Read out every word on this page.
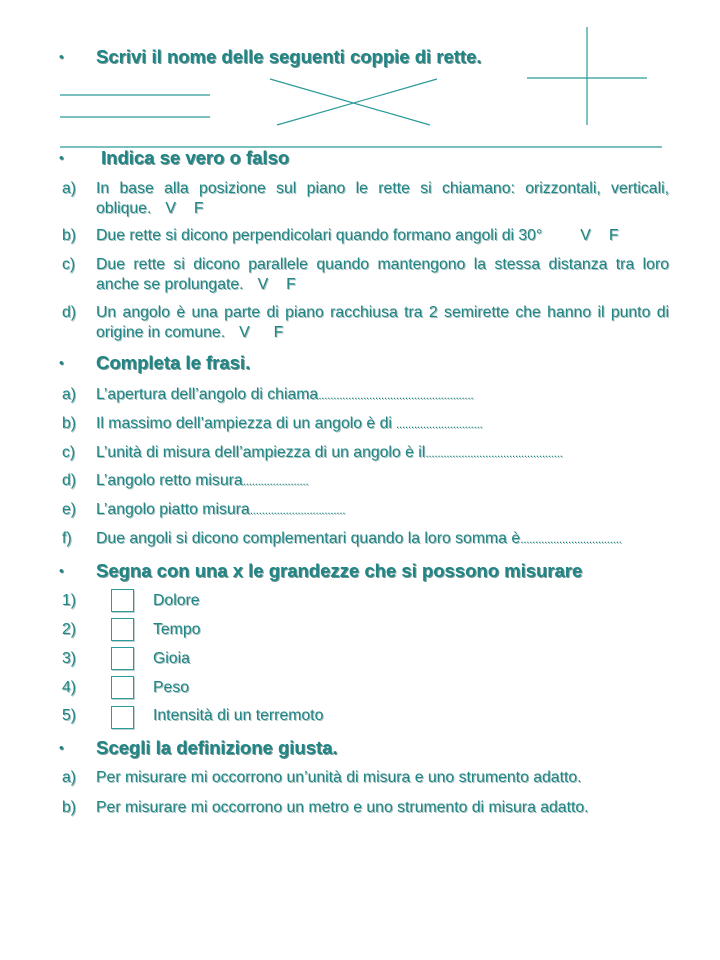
• Scrivi il nome delle seguenti coppie di rette.
• Indica se vero o falso
a) In base alla posizione sul piano le rette si chiamano: orizzontali, verticali,
oblique. V F
b) Due rette si dicono perpendicolari quando formano angoli di 30° V F
c) Due rette si dicono parallele quando mantengono la stessa distanza tra loro
anche se prolungate. V F
d) Un angolo è una parte di piano racchiusa tra 2 semirette che hanno il punto di
origine in comune. V F
• Completa le frasi.
a) L’apertura dell’angolo di chiama....................................................
b) Il massimo dell’ampiezza di un angolo è di .............................
c) L’unità di misura dell’ampiezza di un angolo è il..............................................
d) L’angolo retto misura......................
e) L’angolo piatto misura................................
f) Due angoli si dicono complementari quando la loro somma è..................................
• Segna con una x le grandezze che si possono misurare
1)	Dolore
2)	Tempo
3)	Gioia
4)	Peso
5)	Intensità di un terremoto
• Scegli la definizione giusta.
a) Per misurare mi occorrono un’unità di misura e uno strumento adatto.
b) Per misurare mi occorrono un metro e uno strumento di misura adatto.
